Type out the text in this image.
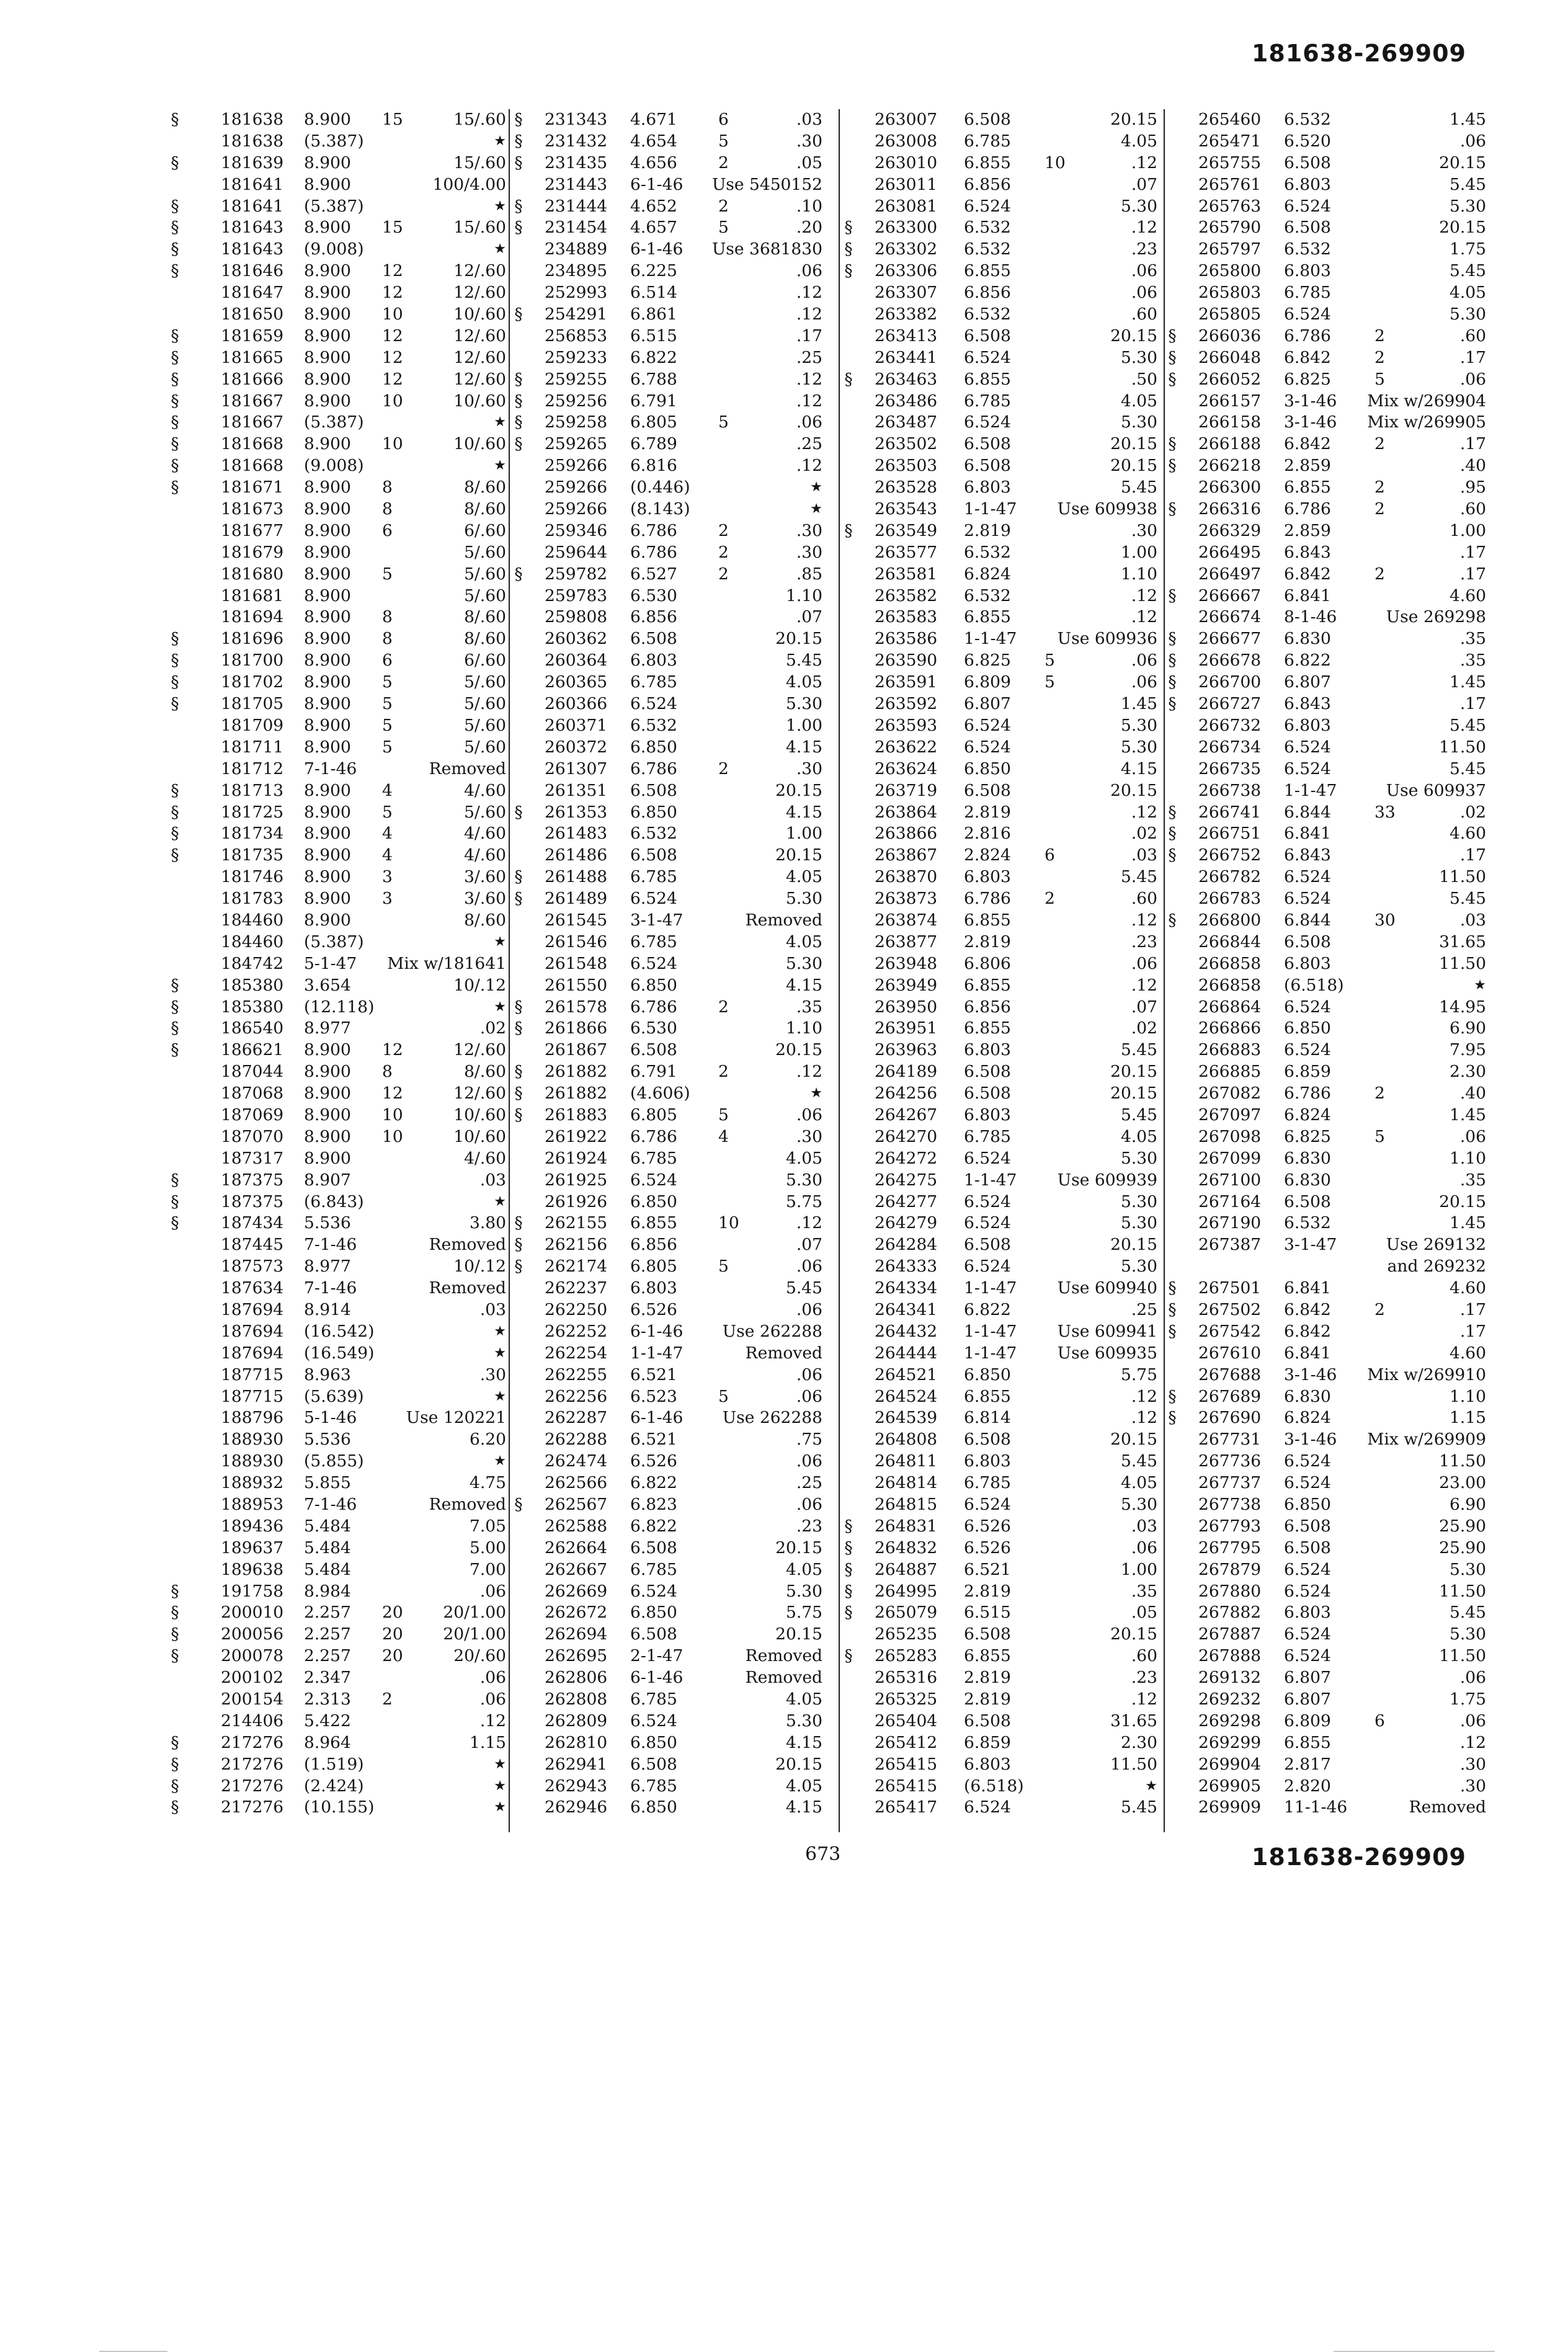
181638-269909
§	181638 8.900 15	15/.60
181638 (5.387)	★
§	181639 8.900	15/.60
181641 8.900	100/4.00
§	181641 (5.387)	★
§	181643 8.900 15	15/.60
§	181643 (9.008)	★
§	181646 8.900 12	12/.60
181647 8.900 12	12/.60
181650 8.900 10	10/.60
§	181659 8.900 12	12/.60
§	181665 8.900 12	12/.60
§	181666 8.900 12	12/.60
§	181667 8.900 10	10/.60
§	181667 (5.387)	★
§	181668 8.900 10	10/.60
§	181668 (9.008)	★
§	181671 8.900 8	8/.60
181673 8.900 8	8/.60
181677 8.900 6	6/.60
181679 8.900	5/.60
181680 8.900 5	5/.60
181681 8.900	5/.60
181694 8.900 8	8/.60
§	181696 8.900 8	8/.60
§	181700 8.900 6	6/.60
§	181702 8.900 5	5/.60
§	181705 8.900 5	5/.60
181709 8.900 5	5/.60
181711 8.900 5	5/.60
181712 7-1-46	Removed
§	181713 8.900 4	4/.60
§	181725 8.900 5	5/.60
§	181734 8.900 4	4/.60
§	181735 8.900 4	4/.60
181746 8.900 3	3/.60
181783 8.900 3	3/.60
184460 8.900	8/.60
184460 (5.387)	★
184742 5-1-47 Mix w/181641
§	185380 3.654	10/.12
§	185380 (12.118)	★
§	186540 8.977	.02
§	186621 8.900 12	12/.60
187044 8.900 8	8/.60
187068 8.900 12	12/.60
187069 8.900 10	10/.60
187070 8.900 10	10/.60
187317 8.900	4/.60
§	187375 8.907	.03
§	187375 (6.843)	★
§	187434 5.536	3.80
187445 7-1-46	Removed
187573 8.977	10/.12
187634 7-1-46	Removed
187694 8.914	.03
187694 (16.542)	★
187694 (16.549)	★
187715 8.963	.30
187715 (5.639)	★
188796 5-1-46	Use 120221
188930 5.536	6.20
188930 (5.855)	★
188932 5.855	4.75
188953 7-1-46	Removed
189436 5.484	7.05
189637 5.484	5.00
189638 5.484	7.00
§	191758 8.984	.06
§	200010 2.257 20 20/1.00
§	200056 2.257 20 20/1.00
§	200078 2.257 20	20/.60
200102 2.347	.06
200154 2.313 2	.06
214406 5.422	.12
§	217276 8.964	1.15
§	217276 (1.519)	★
§	217276 (2.424)	★
§	217276 (10.155)	★
§ 231343 4.671 6	.03
§ 231432 4.654 5	.30
§ 231435 4.656 2	.05
231443 6-1-46 Use 5450152
§ 231444 4.652 2	.10
§ 231454 4.657 5	.20
234889 6-1-46 Use 3681830
234895 6.225	.06
252993 6.514	.12
§ 254291 6.861	.12
256853 6.515	.17
259233 6.822	.25
§ 259255 6.788	.12
§ 259256 6.791	.12
§ 259258 6.805 5	.06
§ 259265 6.789	.25
259266 6.816	.12
259266 (0.446)	★
259266 (8.143)	★
259346 6.786 2	.30
259644 6.786 2	.30
§ 259782 6.527 2	.85
259783 6.530	1.10
259808 6.856	.07
260362 6.508	20.15
260364 6.803	5.45
260365 6.785	4.05
260366 6.524	5.30
260371 6.532	1.00
260372 6.850	4.15
261307 6.786 2	.30
261351 6.508	20.15
§ 261353 6.850	4.15
261483 6.532	1.00
261486 6.508	20.15
§ 261488 6.785	4.05
§ 261489 6.524	5.30
261545 3-1-47	Removed
261546 6.785	4.05
261548 6.524	5.30
261550 6.850	4.15
§ 261578 6.786 2	.35
§ 261866 6.530	1.10
261867 6.508	20.15
§ 261882 6.791 2	.12
§ 261882 (4.606)	★
§ 261883 6.805 5	.06
261922 6.786 4	.30
261924 6.785	4.05
261925 6.524	5.30
261926 6.850	5.75
§ 262155 6.855 10	.12
§ 262156 6.856	.07
§ 262174 6.805 5	.06
262237 6.803	5.45
262250 6.526	.06
262252 6-1-46 Use 262288
262254 1-1-47	Removed
262255 6.521	.06
262256 6.523 5	.06
262287 6-1-46 Use 262288
262288 6.521	.75
262474 6.526	.06
262566 6.822	.25
§ 262567 6.823	.06
262588 6.822	.23
262664 6.508	20.15
262667 6.785	4.05
262669 6.524	5.30
262672 6.850	5.75
262694 6.508	20.15
262695 2-1-47	Removed
262806 6-1-46	Removed
262808 6.785	4.05
262809 6.524	5.30
262810 6.850	4.15
262941 6.508	20.15
262943 6.785	4.05
262946 6.850	4.15
263007 6.508	20.15
263008 6.785	4.05
263010 6.855 10	.12
263011 6.856	.07
263081 6.524	5.30
§ 263300 6.532	.12
§ 263302 6.532	.23
§ 263306 6.855	.06
263307 6.856	.06
263382 6.532	.60
263413 6.508	20.15
263441 6.524	5.30
§ 263463 6.855	.50
263486 6.785	4.05
263487 6.524	5.30
263502 6.508	20.15
263503 6.508	20.15
263528 6.803	5.45
263543 1-1-47 Use 609938
§ 263549 2.819	.30
263577 6.532	1.00
263581 6.824	1.10
263582 6.532	.12
263583 6.855	.12
263586 1-1-47 Use 609936
263590 6.825 5	.06
263591 6.809 5	.06
263592 6.807	1.45
263593 6.524	5.30
263622 6.524	5.30
263624 6.850	4.15
263719 6.508	20.15
263864 2.819	.12
263866 2.816	.02
263867 2.824 6	.03
263870 6.803	5.45
263873 6.786 2	.60
263874 6.855	.12
263877 2.819	.23
263948 6.806	.06
263949 6.855	.12
263950 6.856	.07
263951 6.855	.02
263963 6.803	5.45
264189 6.508	20.15
264256 6.508	20.15
264267 6.803	5.45
264270 6.785	4.05
264272 6.524	5.30
264275 1-1-47 Use 609939
264277 6.524	5.30
264279 6.524	5.30
264284 6.508	20.15
264333 6.524	5.30
264334 1-1-47 Use 609940
264341 6.822	.25
264432 1-1-47 Use 609941
264444 1-1-47 Use 609935
264521 6.850	5.75
264524 6.855	.12
264539 6.814	.12
264808 6.508	20.15
264811 6.803	5.45
264814 6.785	4.05
264815 6.524	5.30
§ 264831 6.526	.03
§ 264832 6.526	.06
§ 264887 6.521	1.00
§ 264995 2.819	.35
§ 265079 6.515	.05
265235 6.508	20.15
§ 265283 6.855	.60
265316 2.819	.23
265325 2.819	.12
265404 6.508	31.65
265412 6.859	2.30
265415 6.803	11.50
265415 (6.518)	★
265417 6.524	5.45
265460 6.532	1.45
265471 6.520	.06
265755 6.508	20.15
265761 6.803	5.45
265763 6.524	5.30
265790 6.508	20.15
265797 6.532	1.75
265800 6.803	5.45
265803 6.785	4.05
265805 6.524	5.30
§ 266036 6.786	2	.60
§ 266048 6.842	2	.17
§ 266052 6.825	5	.06
266157 3-1-46 Mix w/269904
266158 3-1-46 Mix w/269905
§ 266188 6.842	2	.17
§ 266218 2.859	.40
266300 6.855	2	.95
§ 266316 6.786	2	.60
266329 2.859	1.00
266495 6.843	.17
266497 6.842	2	.17
§ 266667 6.841	4.60
266674 8-1-46	Use 269298
§ 266677 6.830	.35
§ 266678 6.822	.35
§ 266700 6.807	1.45
§ 266727 6.843	.17
266732 6.803	5.45
266734 6.524	11.50
266735 6.524	5.45
266738 1-1-47	Use 609937
§ 266741 6.844	33	.02
§ 266751 6.841	4.60
§ 266752 6.843	.17
266782 6.524	11.50
266783 6.524	5.45
§ 266800 6.844	30	.03
266844 6.508	31.65
266858 6.803	11.50
266858 (6.518)	★
266864 6.524	14.95
266866 6.850	6.90
266883 6.524	7.95
266885 6.859	2.30
267082 6.786	2	.40
267097 6.824	1.45
267098 6.825	5	.06
267099 6.830	1.10
267100 6.830	.35
267164 6.508	20.15
267190 6.532	1.45
267387 3-1-47	Use 269132
and 269232
§ 267501 6.841	4.60
§ 267502 6.842	2	.17
§ 267542 6.842	.17
267610 6.841	4.60
267688 3-1-46 Mix w/269910
§ 267689 6.830	1.10
§ 267690 6.824	1.15
267731 3-1-46 Mix w/269909
267736 6.524	11.50
267737 6.524	23.00
267738 6.850	6.90
267793 6.508	25.90
267795 6.508	25.90
267879 6.524	5.30
267880 6.524	11.50
267882 6.803	5.45
267887 6.524	5.30
267888 6.524	11.50
269132 6.807	.06
269232 6.807	1.75
269298 6.809	6	.06
269299 6.855	.12
269904 2.817	.30
269905 2.820	.30
269909 11-1-46	Removed
673	181638-269909
